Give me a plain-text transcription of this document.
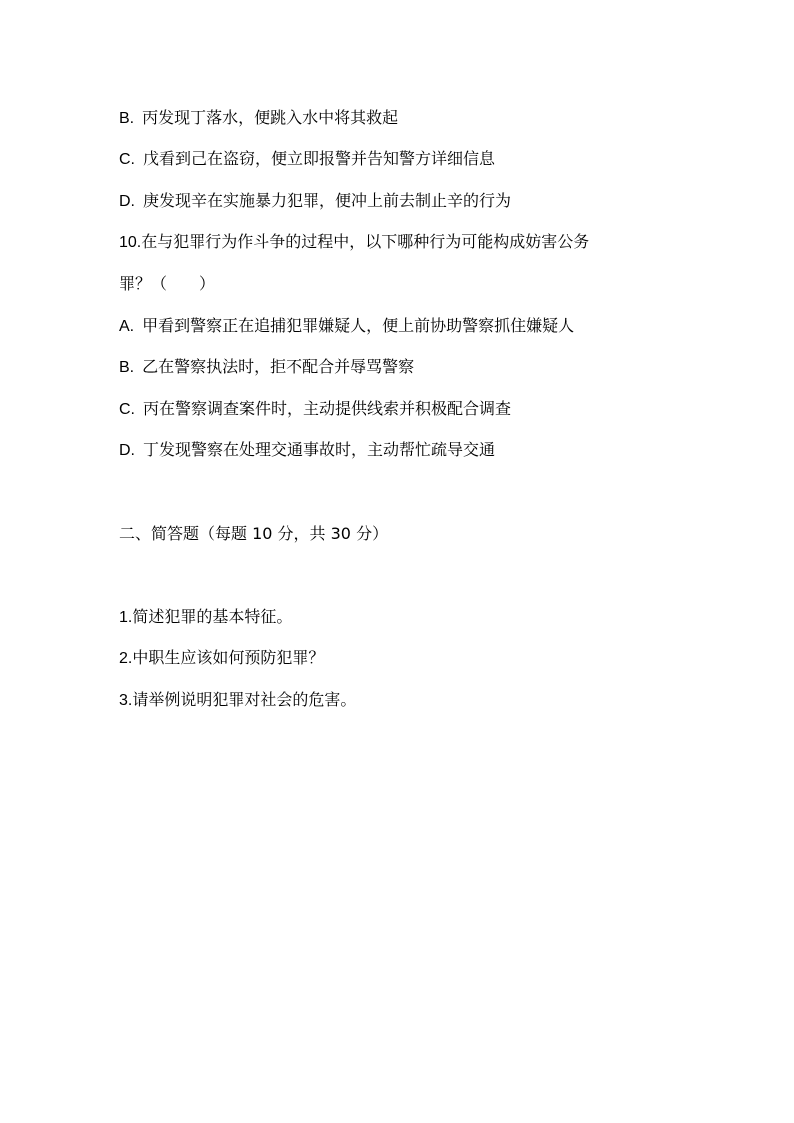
B. 丙发现丁落水，便跳入水中将其救起
C. 戊看到己在盗窃，便立即报警并告知警方详细信息
D. 庚发现辛在实施暴力犯罪，便冲上前去制止辛的行为
10.在与犯罪行为作斗争的过程中，以下哪种行为可能构成妨害公务
罪？（　　）
A. 甲看到警察正在追捕犯罪嫌疑人，便上前协助警察抓住嫌疑人
B. 乙在警察执法时，拒不配合并辱骂警察
C. 丙在警察调查案件时，主动提供线索并积极配合调查
D. 丁发现警察在处理交通事故时，主动帮忙疏导交通
二、简答题（每题 10 分，共 30 分）
1.简述犯罪的基本特征。
2.中职生应该如何预防犯罪？
3.请举例说明犯罪对社会的危害。
